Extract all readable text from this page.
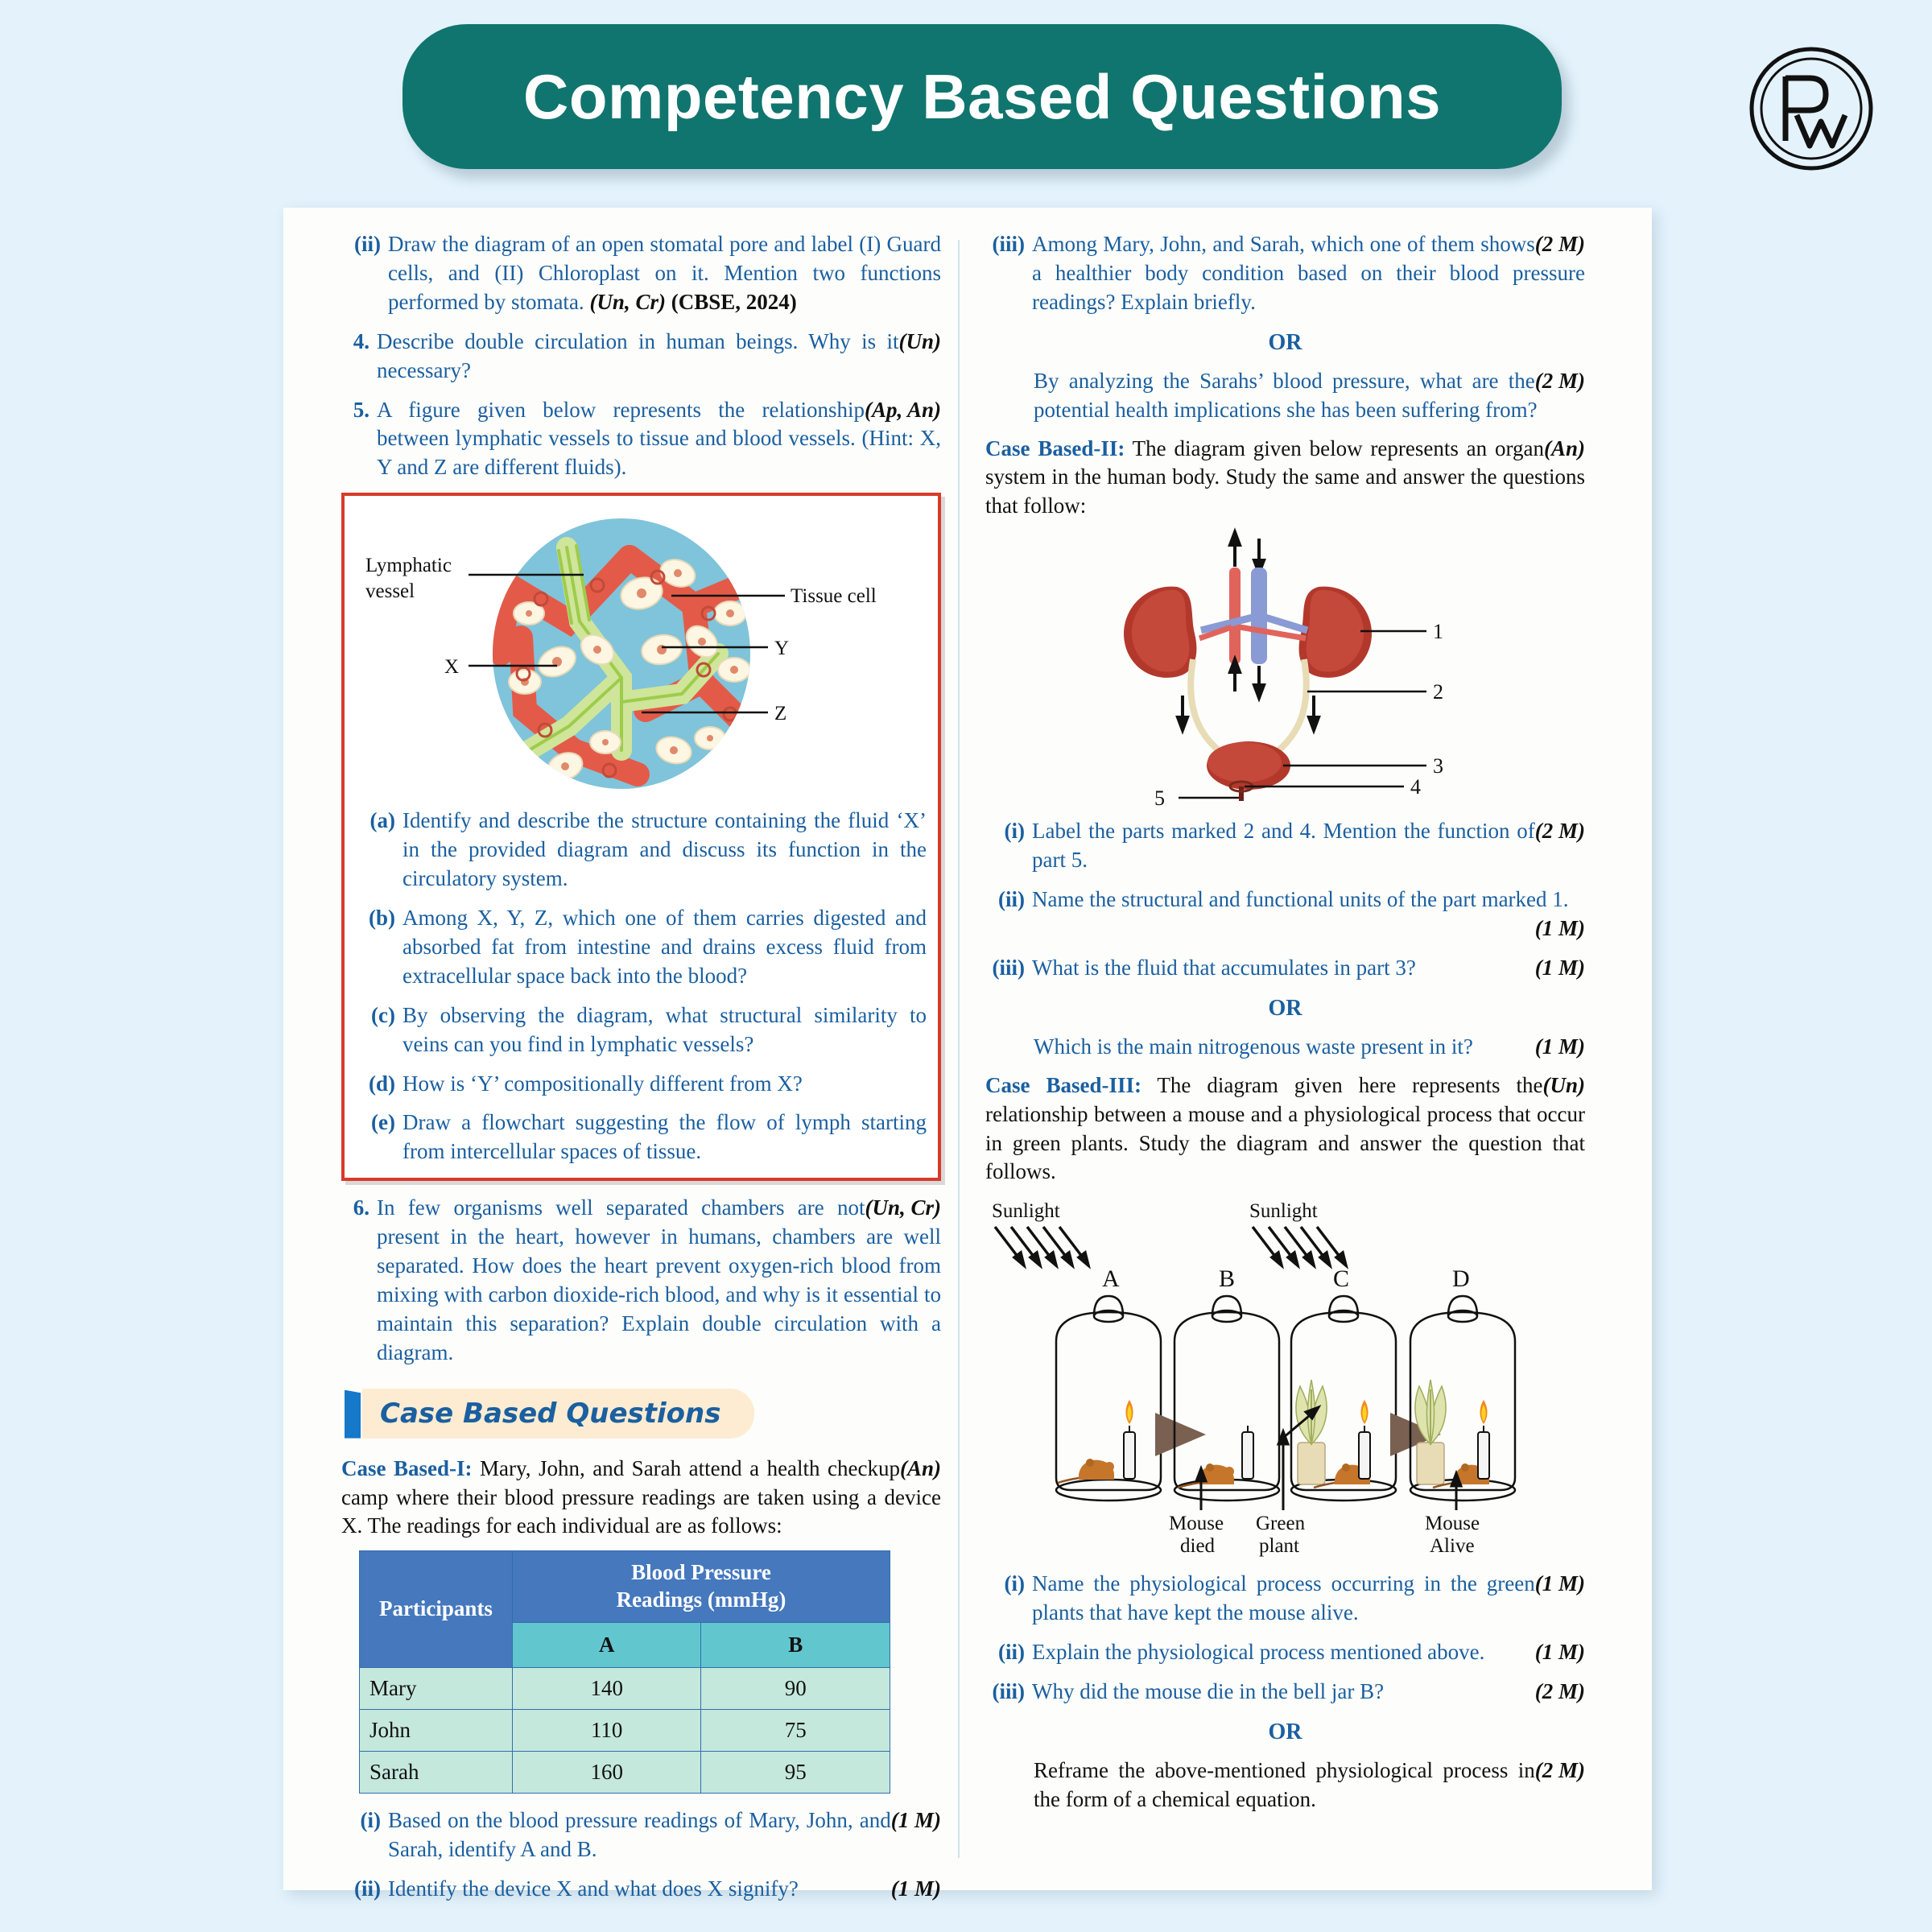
Competency Based Questions
(ii) Draw the diagram of an open stomatal pore and label (I) Guard cells, and (II) Chloroplast on it. Mention two functions performed by stomata. (Un, Cr) (CBSE, 2024)
4.	(Un)
Describe double circulation in human beings. Why is it necessary?
5.	(Ap, An)
A figure given below represents the relationship between lymphatic vessels to tissue and blood vessels. (Hint: X, Y and Z are different fluids).
Lymphatic
vessel	Tissue cell
X
Y
Z
(a) Identify and describe the structure containing the fluid ‘X’ in the provided diagram and discuss its function in the circulatory system.
(b) Among X, Y, Z, which one of them carries digested and absorbed fat from intestine and drains excess fluid from extracellular space back into the blood?
(c) By observing the diagram, what structural similarity to veins can you find in lymphatic vessels?
(d) How is ‘Y’ compositionally different from X?
(e) Draw a flowchart suggesting the flow of lymph starting from intercellular spaces of tissue.
6.	(Un, Cr)
In few organisms well separated chambers are not present in the heart, however in humans, chambers are well separated. How does the heart prevent oxygen-rich blood from mixing with carbon dioxide-rich blood, and why is it essential to maintain this separation? Explain double circulation with a diagram.
Case Based Questions
(An)
Case Based-I: Mary, John, and Sarah attend a health checkup camp where their blood pressure readings are taken using a device X. The readings for each individual are as follows:
Participants	Blood Pressure
Readings (mmHg)	
	A	B
Mary	140	90
John	110	75
Sarah	160	95
(i)	(1 M)
Based on the blood pressure readings of Mary, John, and Sarah, identify A and B.
(ii)	(1 M)
Identify the device X and what does X signify?
(iii)	(2 M)
Among Mary, John, and Sarah, which one of them shows a healthier body condition based on their blood pressure readings? Explain briefly.
OR
(2 M)
By analyzing the Sarahs’ blood pressure, what are the potential health implications she has been suffering from?
(An)
Case Based-II: The diagram given below represents an organ system in the human body. Study the same and answer the questions that follow:
1
2
3
4
5
(i)	(2 M)
Label the parts marked 2 and 4. Mention the function of part 5.
(ii) Name the structural and functional units of the part marked 1.
(1 M)
(iii)	(1 M)
What is the fluid that accumulates in part 3?
OR
(1 M)
Which is the main nitrogenous waste present in it?
(Un)
Case Based-III: The diagram given here represents the relationship between a mouse and a physiological process that occur in green plants. Study the diagram and answer the question that follows.
Sunlight	Sunlight
A	B	C	D
Mouse
died
Green
plant
Mouse
Alive
(i)	(1 M)
Name the physiological process occurring in the green plants that have kept the mouse alive.
(ii)	(1 M)
Explain the physiological process mentioned above.
(iii)	(2 M)
Why did the mouse die in the bell jar B?
OR
(2 M)
Reframe the above-mentioned physiological process in the form of a chemical equation.
